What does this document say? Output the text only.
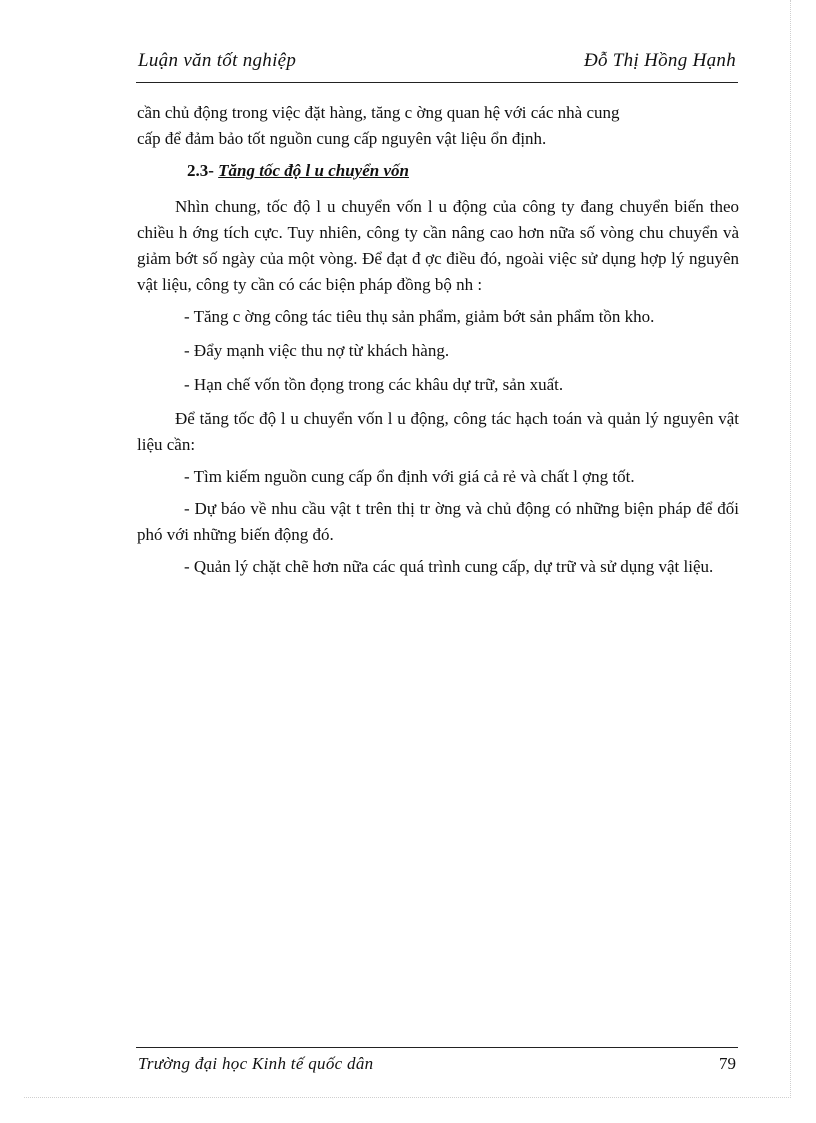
Luận văn tốt nghiệp	Đỗ Thị Hồng Hạnh

cần chủ động trong việc đặt hàng, tăng c ờng quan hệ với các nhà cung
cấp để đảm bảo tốt nguồn cung cấp nguyên vật liệu ổn định.

2.3- Tăng tốc độ l u chuyển vốn

Nhìn chung, tốc độ l u chuyển vốn l u động của công ty đang chuyển biến theo chiều h ớng tích cực. Tuy nhiên, công ty cần nâng cao hơn nữa số vòng chu chuyển và giảm bớt số ngày của một vòng. Để đạt đ ợc điều đó, ngoài việc sử dụng hợp lý nguyên vật liệu, công ty cần có các biện pháp đồng bộ nh :

- Tăng c ờng công tác tiêu thụ sản phẩm, giảm bớt sản phẩm tồn kho.

- Đẩy mạnh việc thu nợ từ khách hàng.

- Hạn chế vốn tồn đọng trong các khâu dự trữ, sản xuất.

Để tăng tốc độ l u chuyển vốn l u động, công tác hạch toán và quản lý nguyên vật liệu cần:

- Tìm kiếm nguồn cung cấp ổn định với giá cả rẻ và chất l ợng tốt.

- Dự báo về nhu cầu vật t trên thị tr ờng và chủ động có những biện pháp để đối phó với những biến động đó.

- Quản lý chặt chẽ hơn nữa các quá trình cung cấp, dự trữ và sử dụng vật liệu.

Trường đại học Kinh tế quốc dân	79
